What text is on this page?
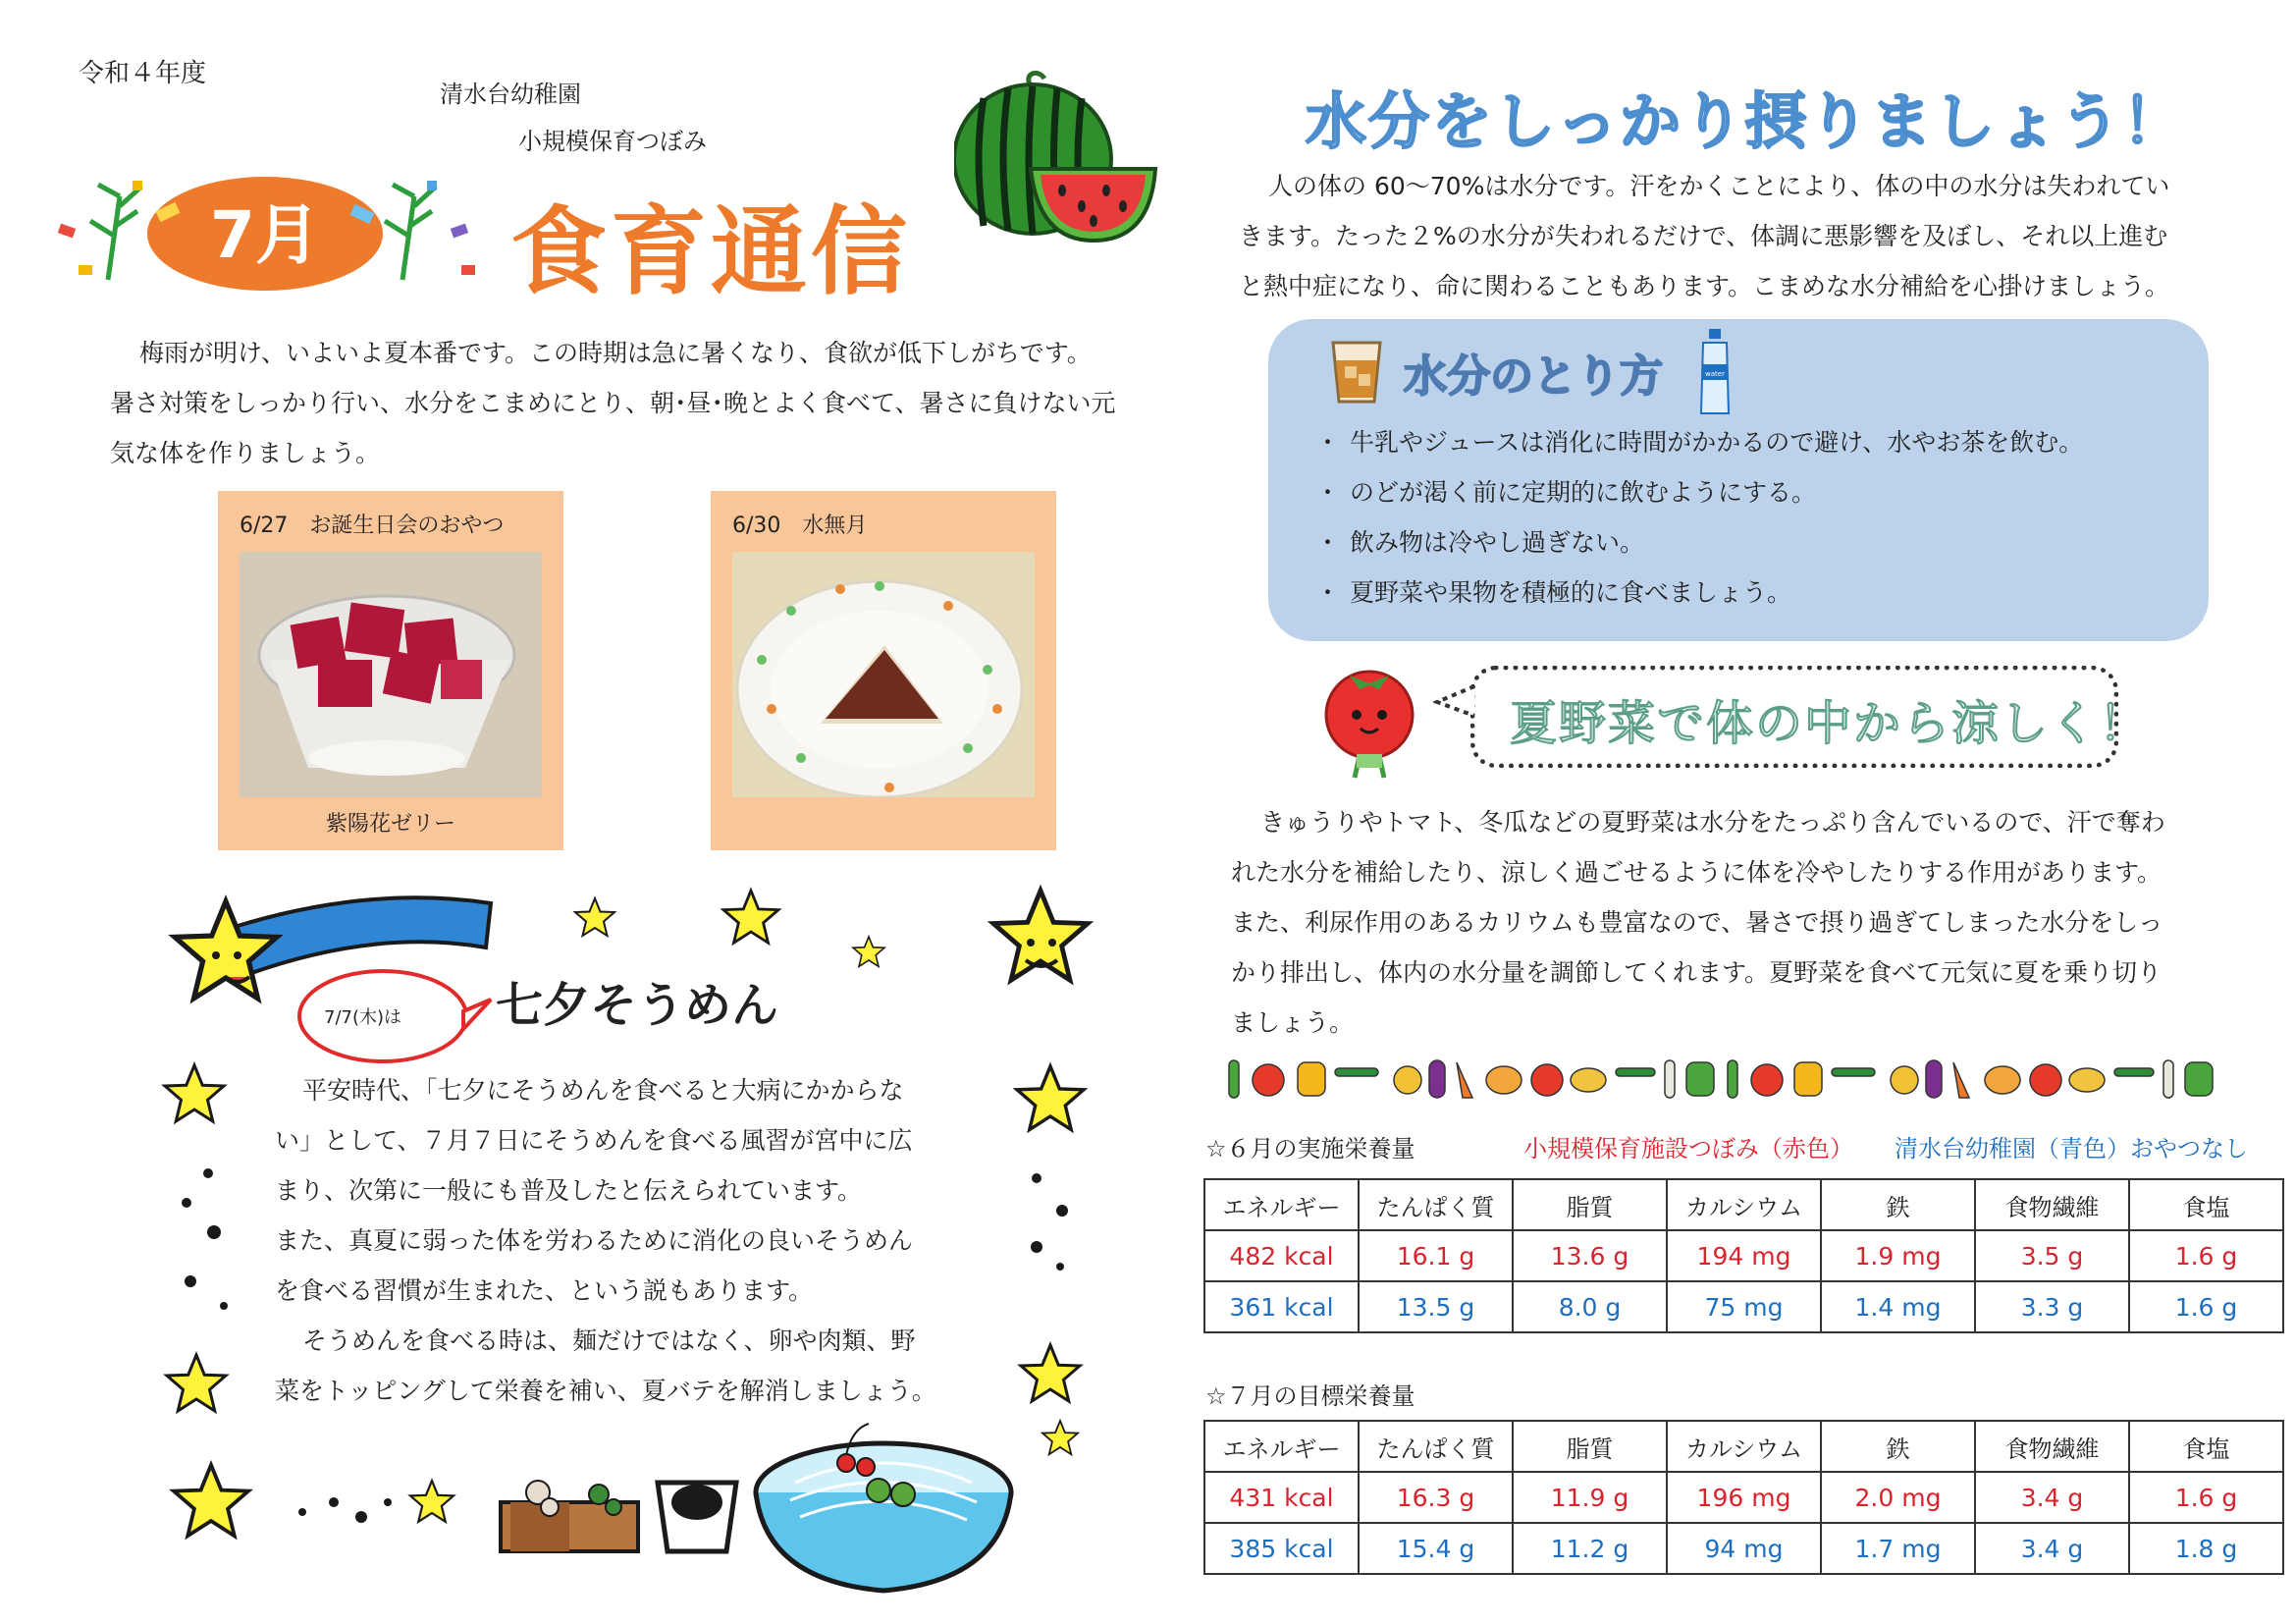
令和４年度
清水台幼稚園
小規模保育つぼみ
7月 食育通信
梅雨が明け、いよいよ夏本番です。この時期は急に暑くなり、食欲が低下しがちです。
暑さ対策をしっかり行い、水分をこまめにとり、朝･昼･晩とよく食べて、暑さに負けない元
気な体を作りましょう。
6/27　お誕生日会のおやつ
紫陽花ゼリー
6/30　水無月
7/7(木)は 七夕そうめん
平安時代、「七夕にそうめんを食べると大病にかからな
い」として、７月７日にそうめんを食べる風習が宮中に広
まり、次第に一般にも普及したと伝えられています。
また、真夏に弱った体を労わるために消化の良いそうめん
を食べる習慣が生まれた、という説もあります。
そうめんを食べる時は、麺だけではなく、卵や肉類、野
菜をトッピングして栄養を補い、夏バテを解消しましょう。
水分をしっかり摂りましょう！
人の体の 60～70%は水分です。汗をかくことにより、体の中の水分は失われてい
きます。たった２%の水分が失われるだけで、体調に悪影響を及ぼし、それ以上進む
と熱中症になり、命に関わることもあります。こまめな水分補給を心掛けましょう。
水分のとり方	water
・ 牛乳やジュースは消化に時間がかかるので避け、水やお茶を飲む。
・ のどが渇く前に定期的に飲むようにする。
・ 飲み物は冷やし過ぎない。
・ 夏野菜や果物を積極的に食べましょう。
夏野菜で体の中から涼しく！
きゅうりやトマト、冬瓜などの夏野菜は水分をたっぷり含んでいるので、汗で奪わ
れた水分を補給したり、涼しく過ごせるように体を冷やしたりする作用があります。
また、利尿作用のあるカリウムも豊富なので、暑さで摂り過ぎてしまった水分をしっ
かり排出し、体内の水分量を調節してくれます。夏野菜を食べて元気に夏を乗り切り
ましょう。
☆６月の実施栄養量	小規模保育施設つぼみ（赤色） 清水台幼稚園（青色）おやつなし
エネルギー	たんぱく質	脂質	カルシウム	鉄	食物繊維	食塩
482 kcal	16.1 g	13.6 g	194 mg	1.9 mg	3.5 g	1.6 g
361 kcal	13.5 g	8.0 g	75 mg	1.4 mg	3.3 g	1.6 g
☆７月の目標栄養量
エネルギー	たんぱく質	脂質	カルシウム	鉄	食物繊維	食塩
431 kcal	16.3 g	11.9 g	196 mg	2.0 mg	3.4 g	1.6 g
385 kcal	15.4 g	11.2 g	94 mg	1.7 mg	3.4 g	1.8 g
